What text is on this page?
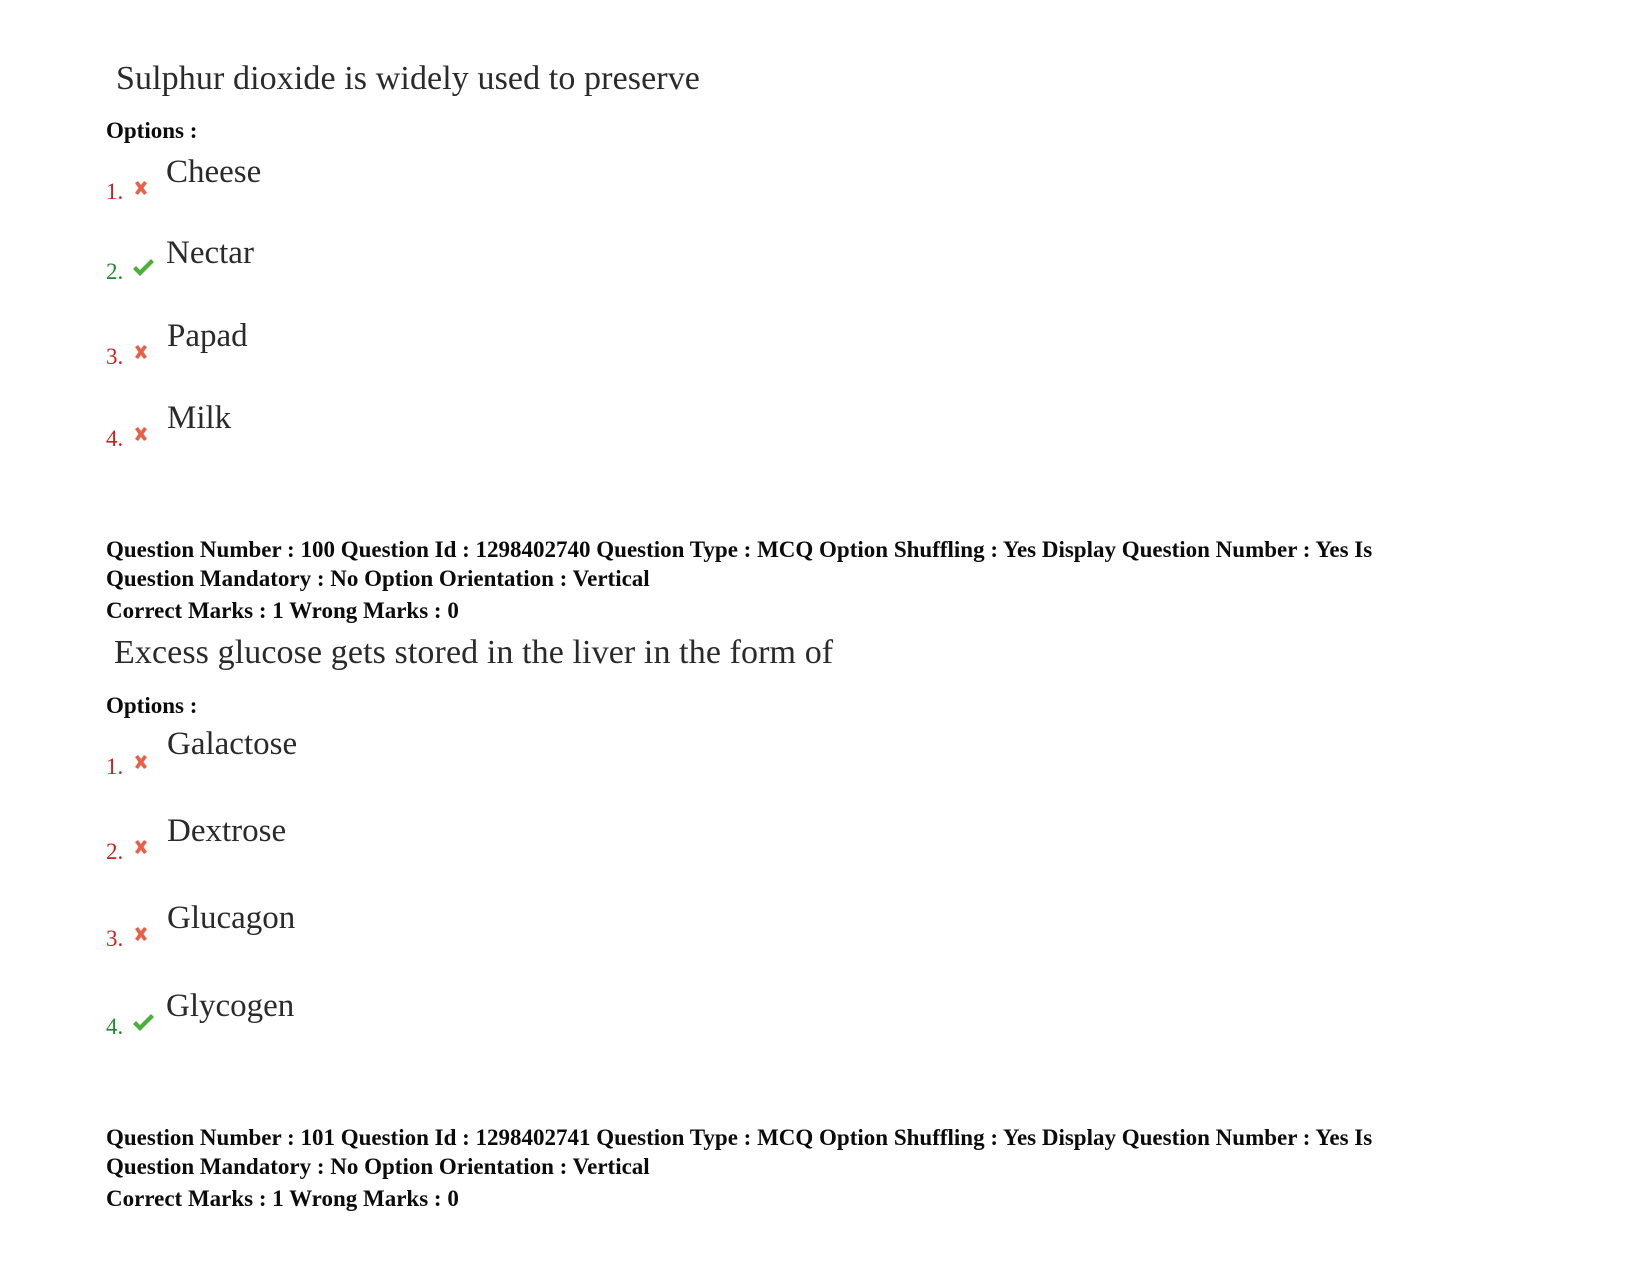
Sulphur dioxide is widely used to preserve
Options :
1.
Cheese
2.
Nectar
3.
Papad
4.
Milk
Question Number : 100 Question Id : 1298402740 Question Type : MCQ Option Shuffling : Yes Display Question Number : Yes Is
Question Mandatory : No Option Orientation : Vertical
Correct Marks : 1 Wrong Marks : 0
Excess glucose gets stored in the liver in the form of
Options :
1.
Galactose
2.
Dextrose
3.
Glucagon
4.
Glycogen
Question Number : 101 Question Id : 1298402741 Question Type : MCQ Option Shuffling : Yes Display Question Number : Yes Is
Question Mandatory : No Option Orientation : Vertical
Correct Marks : 1 Wrong Marks : 0
